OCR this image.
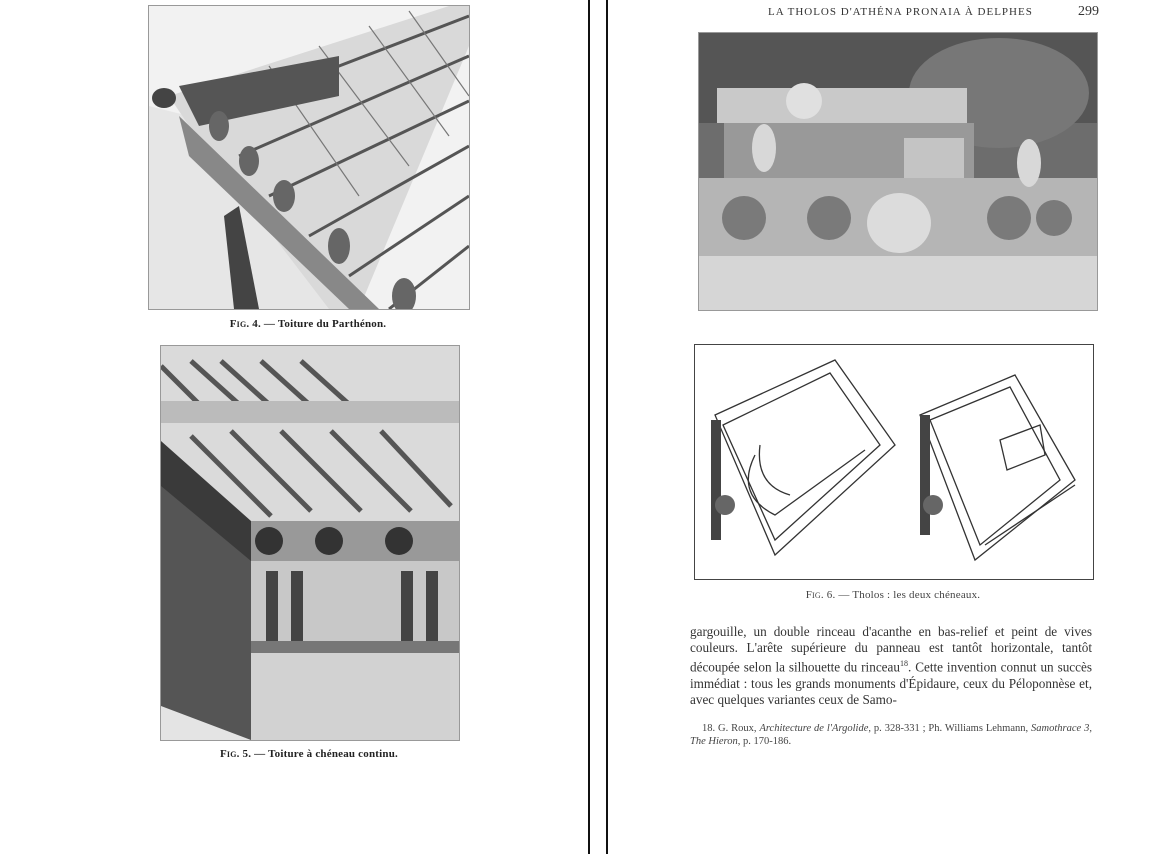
Fig. 4. — Toiture du Parthénon.
Fig. 5. — Toiture à chéneau continu.
LA THOLOS D'ATHÉNA PRONAIA À DELPHES	299
Fig. 6. — Tholos : les deux chéneaux.

gargouille, un double rinceau d'acanthe en bas-relief et peint de vives couleurs. L'arête supérieure du panneau est tantôt horizontale, tantôt découpée selon la silhouette du rinceau$^{18}$. Cette invention connut un succès immédiat : tous les grands monuments d'Épidaure, ceux du Péloponnèse et, avec quelques variantes ceux de Samo-

18. G. Roux, Architecture de l'Argolide, p. 328-331 ; Ph. Williams Lehmann, Samothrace 3, The Hieron, p. 170-186.
